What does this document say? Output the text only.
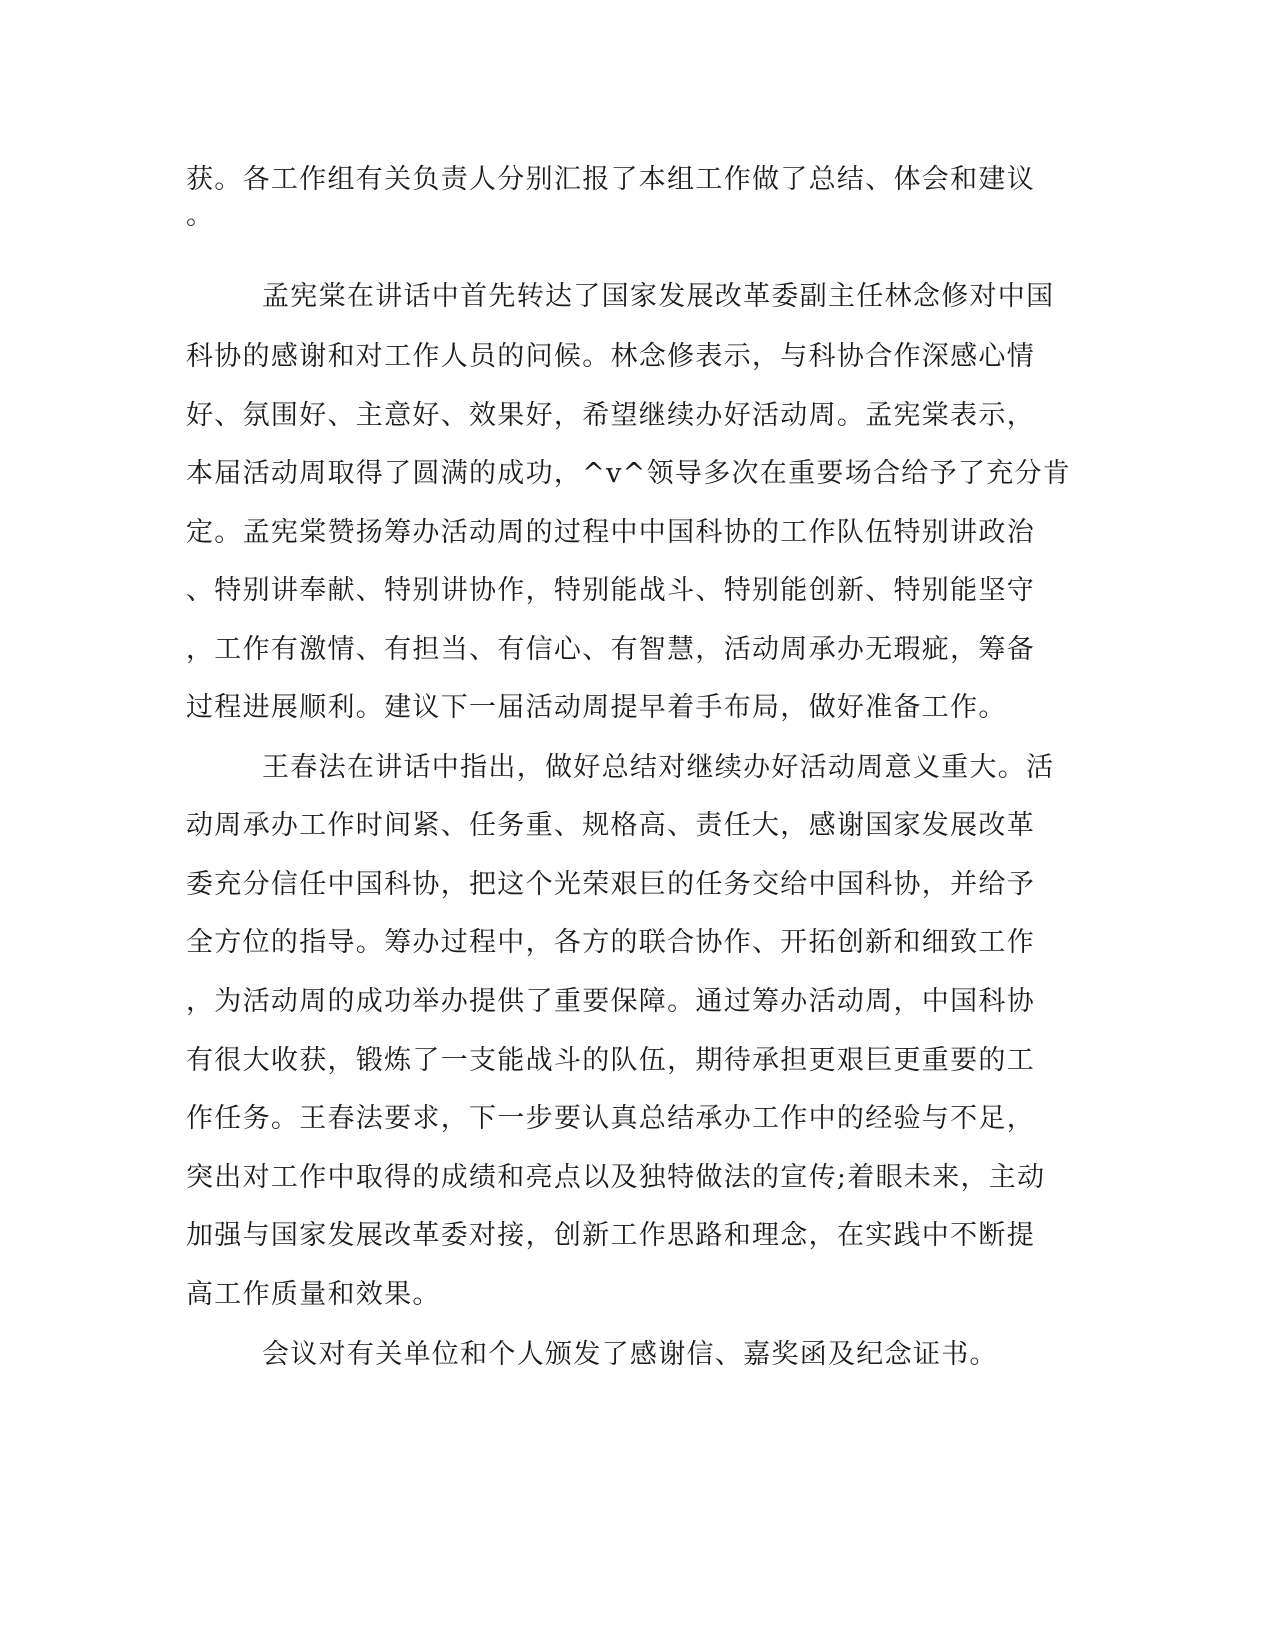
获。各工作组有关负责人分别汇报了本组工作做了总结、体会和建议
。
孟宪棠在讲话中首先转达了国家发展改革委副主任林念修对中国
科协的感谢和对工作人员的问候。林念修表示，与科协合作深感心情
好、氛围好、主意好、效果好，希望继续办好活动周。孟宪棠表示，
本届活动周取得了圆满的成功，^v^领导多次在重要场合给予了充分肯
定。孟宪棠赞扬筹办活动周的过程中中国科协的工作队伍特别讲政治
、特别讲奉献、特别讲协作，特别能战斗、特别能创新、特别能坚守
，工作有激情、有担当、有信心、有智慧，活动周承办无瑕疵，筹备
过程进展顺利。建议下一届活动周提早着手布局，做好准备工作。
王春法在讲话中指出，做好总结对继续办好活动周意义重大。活
动周承办工作时间紧、任务重、规格高、责任大，感谢国家发展改革
委充分信任中国科协，把这个光荣艰巨的任务交给中国科协，并给予
全方位的指导。筹办过程中，各方的联合协作、开拓创新和细致工作
，为活动周的成功举办提供了重要保障。通过筹办活动周，中国科协
有很大收获，锻炼了一支能战斗的队伍，期待承担更艰巨更重要的工
作任务。王春法要求，下一步要认真总结承办工作中的经验与不足，
突出对工作中取得的成绩和亮点以及独特做法的宣传;着眼未来，主动
加强与国家发展改革委对接，创新工作思路和理念，在实践中不断提
高工作质量和效果。
会议对有关单位和个人颁发了感谢信、嘉奖函及纪念证书。
